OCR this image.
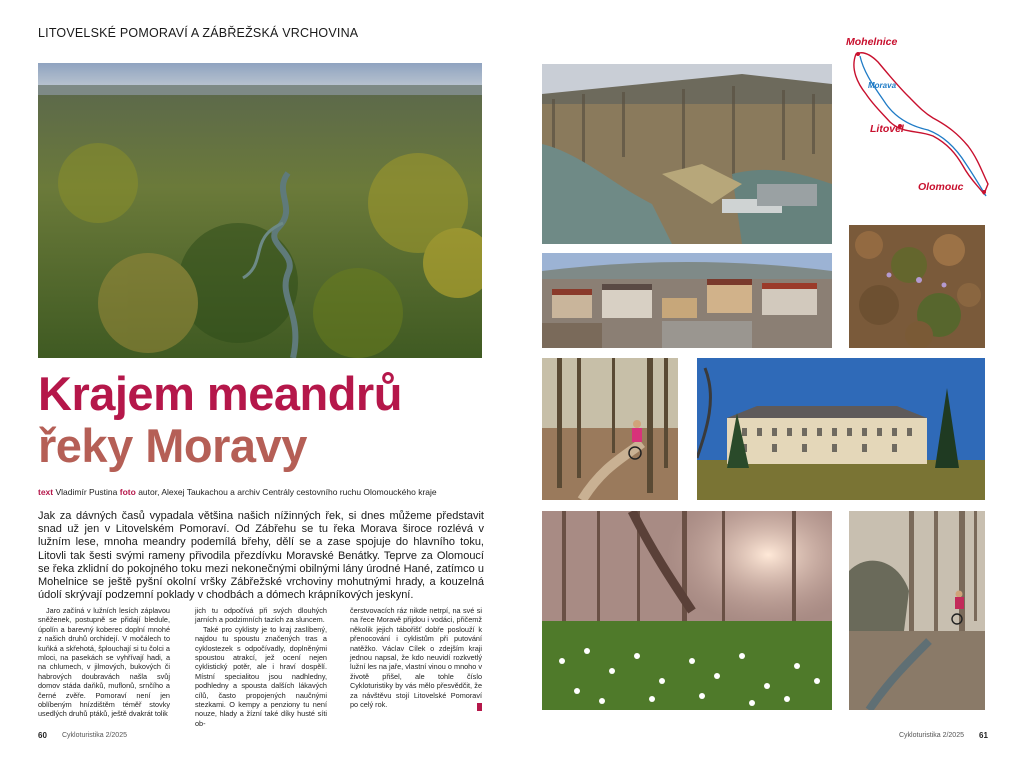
LITOVELSKÉ POMORAVÍ A ZÁBŘEŽSKÁ VRCHOVINA
Krajem meandrů
řeky Moravy
text Vladimír Pustina foto autor, Alexej Taukachou a archiv Centrály cestovního ruchu Olomouckého kraje
Jak za dávných časů vypadala většina našich nížinných řek, si dnes můžeme představit snad už jen v Litovelském Pomoraví. Od Zábřehu se tu řeka Morava široce rozlévá v lužním lese, mnoha meandry podemílá břehy, dělí se a zase spojuje do hlavního toku, Litovli tak šesti svými rameny přivodila přezdívku Moravské Benátky. Teprve za Olomoucí se řeka zklidní do pokojného toku mezi nekonečnými obilnými lány úrodné Hané, zatímco u Mohelnice se ještě pyšní okolní vršky Zábřežské vrchoviny mohutnými hrady, a kouzelná údolí skrývají podzemní poklady v chodbách a dómech krápníkových jeskyní.

Jaro začíná v lužních lesích záplavou sněženek, postupně se přidají bledule, úpolín a barevný koberec doplní mnohé z našich druhů orchidejí. V močálech to kuňká a skřehotá, šplouchají si tu čolci a mloci, na pasekách se vyhřívají hadi, a na chlumech, v jilmových, bukových či habrových doubravách našla svůj domov stáda daňků, muflonů, srnčího a černé zvěře. Pomoraví není jen oblíbeným hnízdištěm téměř stovky usedlých druhů ptáků, ještě dvakrát tolik

jich tu odpočívá při svých dlouhých jarních a podzimních tazích za sluncem.

Také pro cyklisty je to kraj zaslíbený, najdou tu spoustu značených tras a cyklostezek s odpočívadly, doplněnými spoustou atrakcí, jež ocení nejen cyklistický potěr, ale i hraví dospělí. Místní specialitou jsou nadhledny, podhledny a spousta dalších lákavých cílů, často propojených naučnými stezkami. O kempy a penziony tu není nouze, hlady a žízní také díky husté síti ob-

čerstvovacích ráz nikde netrpí, na své si na řece Moravě přijdou i vodáci, přičemž několik jejich tábořišť dobře poslouží k přenocování i cyklistům při putování natěžko. Václav Cílek o zdejším kraji jednou napsal, že kdo neuvidí rozkvetlý lužní les na jaře, vlastní vinou o mnoho v životě přišel, ale tohle číslo Cykloturistiky by vás mělo přesvědčit, že za návštěvu stojí Litovelské Pomoraví po celý rok.

60 Cykloturistika 2/2025
Mohelnice
Morava
Litovel
Olomouc
Cykloturistika 2/2025 61
